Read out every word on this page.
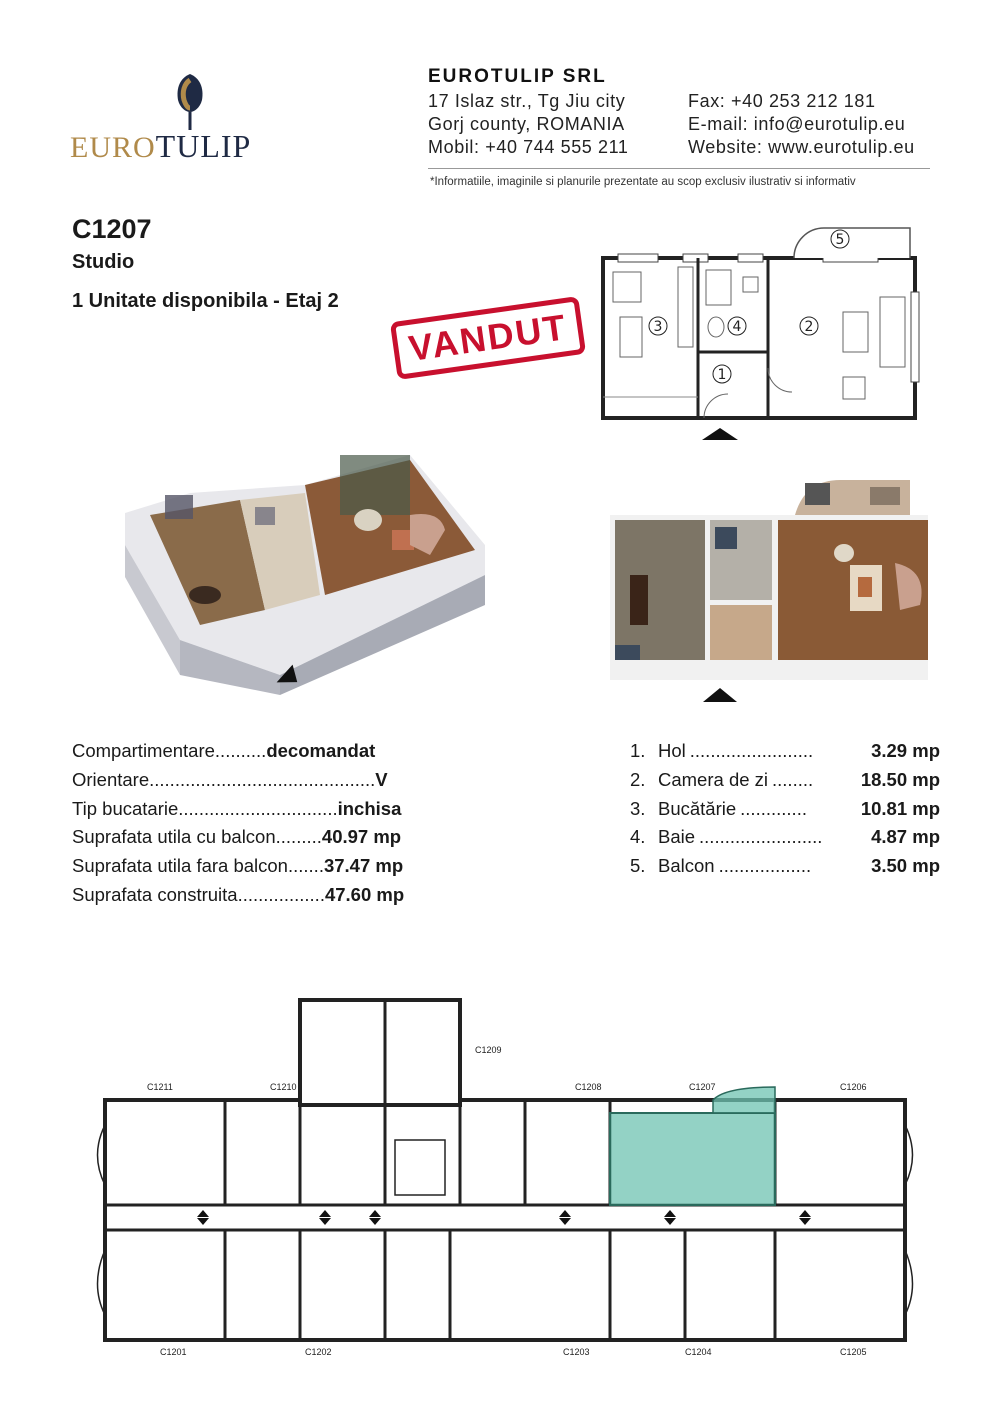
EUROTULIP
EUROTULIP SRL
17 Islaz str., Tg Jiu city	Fax: +40 253 212 181
Gorj county, ROMANIA	E-mail: info@eurotulip.eu
Mobil: +40 744 555 211	Website: www.eurotulip.eu
*Informatiile, imaginile si planurile prezentate au scop exclusiv ilustrativ si informativ
C1207
Studio
1 Unitate disponibila - Etaj 2
VANDUT	3	4	2
1
5
Compartimentare .......... decomandat
Orientare ............................................ V
Tip bucatarie ............................... inchisa
Suprafata utila cu balcon ......... 40.97 mp
Suprafata utila fara balcon ....... 37.47 mp
Suprafata construita ................. 47.60 mp
1. Hol ........................	3.29 mp
2. Camera de zi ........	18.50 mp
3. Bucătărie .............	10.81 mp
4. Baie ........................	4.87 mp
5. Balcon ..................	3.50 mp
C1211	C1210
C1209
C1208	C1207	C1206
C1201	C1202	C1203	C1204	C1205
